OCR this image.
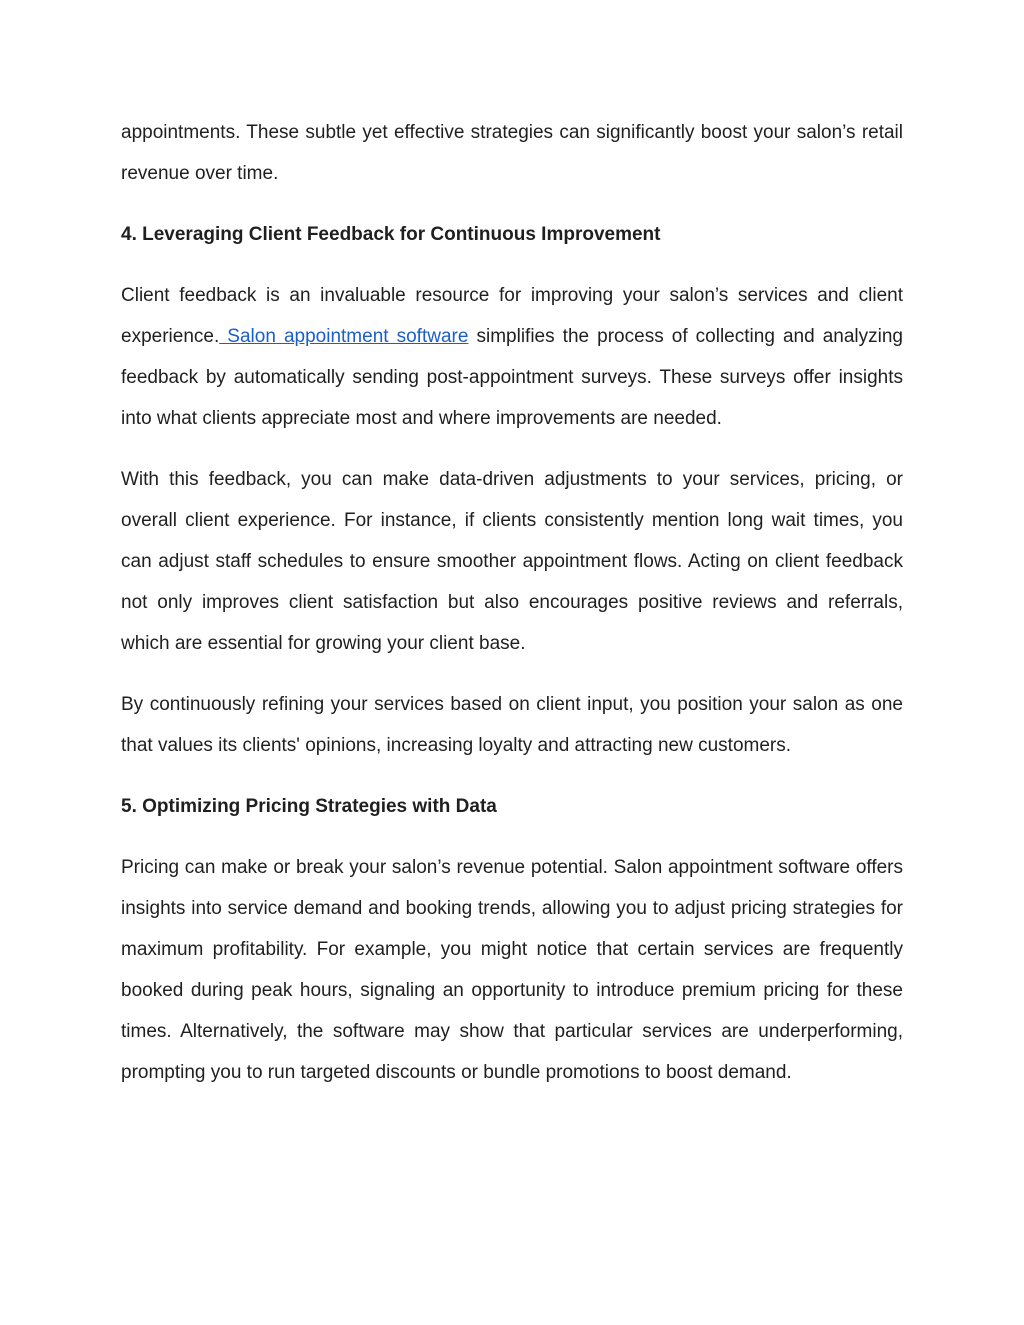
appointments. These subtle yet effective strategies can significantly boost your salon’s retail revenue over time.

4. Leveraging Client Feedback for Continuous Improvement

Client feedback is an invaluable resource for improving your salon’s services and client experience. Salon appointment software simplifies the process of collecting and analyzing feedback by automatically sending post-appointment surveys. These surveys offer insights into what clients appreciate most and where improvements are needed.

With this feedback, you can make data-driven adjustments to your services, pricing, or overall client experience. For instance, if clients consistently mention long wait times, you can adjust staff schedules to ensure smoother appointment flows. Acting on client feedback not only improves client satisfaction but also encourages positive reviews and referrals, which are essential for growing your client base.

By continuously refining your services based on client input, you position your salon as one that values its clients' opinions, increasing loyalty and attracting new customers.

5. Optimizing Pricing Strategies with Data

Pricing can make or break your salon’s revenue potential. Salon appointment software offers insights into service demand and booking trends, allowing you to adjust pricing strategies for maximum profitability. For example, you might notice that certain services are frequently booked during peak hours, signaling an opportunity to introduce premium pricing for these times. Alternatively, the software may show that particular services are underperforming, prompting you to run targeted discounts or bundle promotions to boost demand.
